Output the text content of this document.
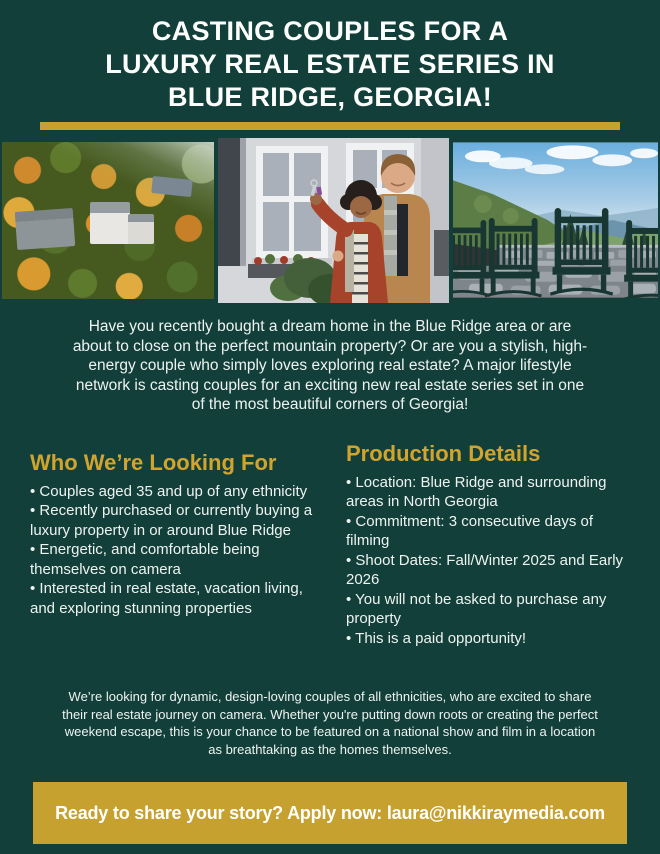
CASTING COUPLES FOR A
LUXURY REAL ESTATE SERIES IN
BLUE RIDGE, GEORGIA!

Have you recently bought a dream home in the Blue Ridge area or are about to close on the perfect mountain property? Or are you a stylish, high-energy couple who simply loves exploring real estate? A major lifestyle network is casting couples for an exciting new real estate series set in one of the most beautiful corners of Georgia!

Who We’re Looking For
• Couples aged 35 and up of any ethnicity
• Recently purchased or currently buying a luxury property in or around Blue Ridge
• Energetic, and comfortable being themselves on camera
• Interested in real estate, vacation living, and exploring stunning properties
Production Details
• Location: Blue Ridge and surrounding areas in North Georgia
• Commitment: 3 consecutive days of filming
• Shoot Dates: Fall/Winter 2025 and Early 2026
• You will not be asked to purchase any property
• This is a paid opportunity!

We’re looking for dynamic, design-loving couples of all ethnicities, who are excited to share their real estate journey on camera. Whether you're putting down roots or creating the perfect weekend escape, this is your chance to be featured on a national show and film in a location as breathtaking as the homes themselves.

Ready to share your story? Apply now: laura@nikkiraymedia.com
